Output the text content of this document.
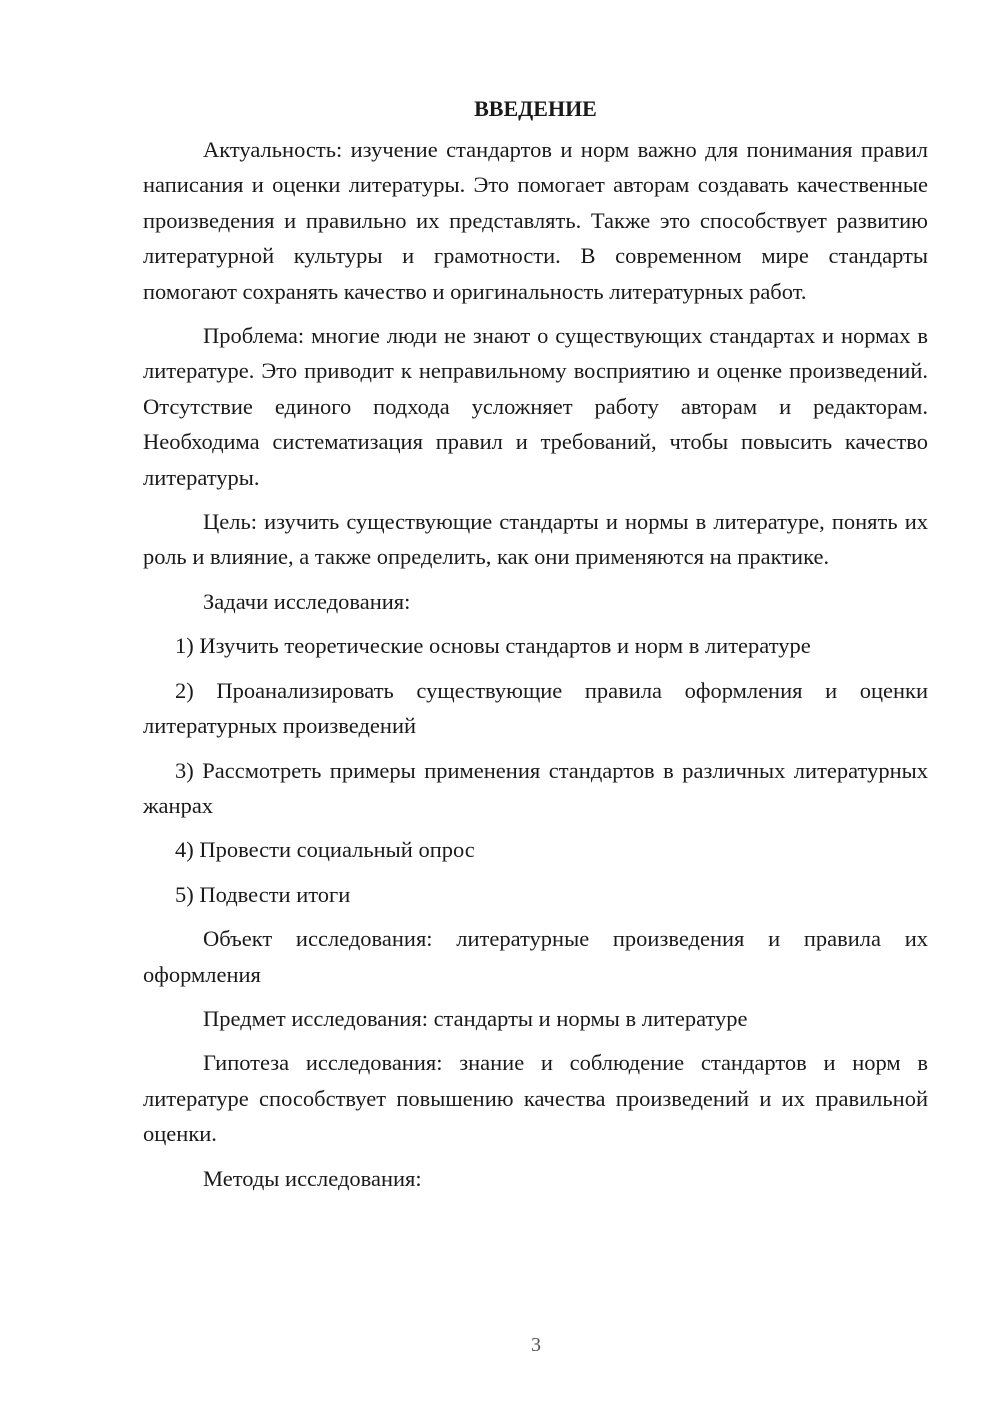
ВВЕДЕНИЕ

Актуальность: изучение стандартов и норм важно для понимания правил написания и оценки литературы. Это помогает авторам создавать качественные произведения и правильно их представлять. Также это способствует развитию литературной культуры и грамотности. В современном мире стандарты помогают сохранять качество и оригинальность литературных работ.

Проблема: многие люди не знают о существующих стандартах и нормах в литературе. Это приводит к неправильному восприятию и оценке произведений. Отсутствие единого подхода усложняет работу авторам и редакторам. Необходима систематизация правил и требований, чтобы повысить качество литературы.

Цель: изучить существующие стандарты и нормы в литературе, понять их роль и влияние, а также определить, как они применяются на практике.

Задачи исследования:

1) Изучить теоретические основы стандартов и норм в литературе

2) Проанализировать существующие правила оформления и оценки литературных произведений

3) Рассмотреть примеры применения стандартов в различных литературных жанрах

4) Провести социальный опрос

5) Подвести итоги

Объект исследования: литературные произведения и правила их оформления

Предмет исследования: стандарты и нормы в литературе

Гипотеза исследования: знание и соблюдение стандартов и норм в литературе способствует повышению качества произведений и их правильной оценки.

Методы исследования:

3
